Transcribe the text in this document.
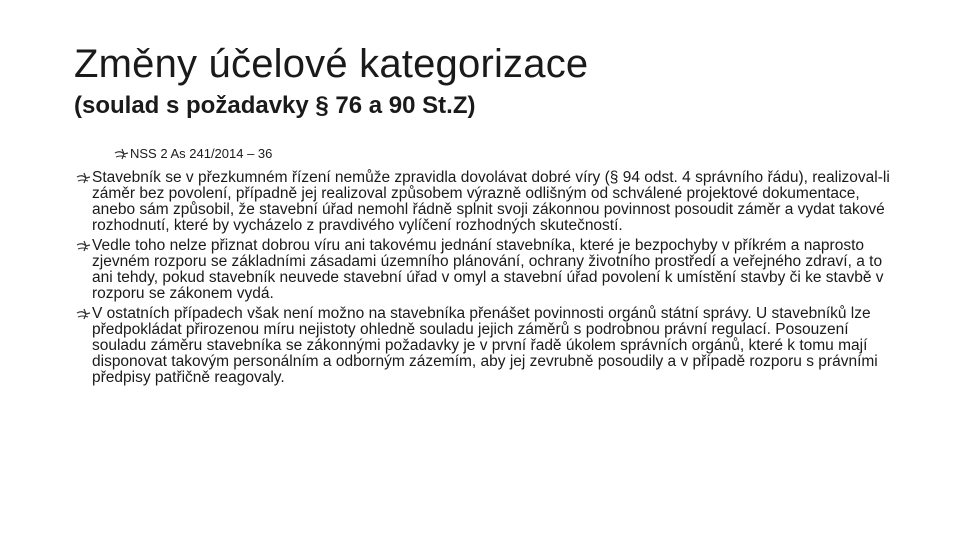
Změny účelové kategorizace
(soulad s požadavky § 76 a 90 St.Z)
NSS 2 As 241/2014 – 36
Stavebník se v přezkumném řízení nemůže zpravidla dovolávat dobré víry (§ 94 odst. 4 správního řádu), realizoval-li záměr bez povolení, případně jej realizoval způsobem výrazně odlišným od schválené projektové dokumentace, anebo sám způsobil, že stavební úřad nemohl řádně splnit svoji zákonnou povinnost posoudit záměr a vydat takové rozhodnutí, které by vycházelo z pravdivého vylíčení rozhodných skutečností.
Vedle toho nelze přiznat dobrou víru ani takovému jednání stavebníka, které je bezpochyby v příkrém a naprosto zjevném rozporu se základními zásadami územního plánování, ochrany životního prostředí a veřejného zdraví, a to ani tehdy, pokud stavebník neuvede stavební úřad v omyl a stavební úřad povolení k umístění stavby či ke stavbě v rozporu se zákonem vydá.
V ostatních případech však není možno na stavebníka přenášet povinnosti orgánů státní správy. U stavebníků lze předpokládat přirozenou míru nejistoty ohledně souladu jejich záměrů s podrobnou právní regulací. Posouzení souladu záměru stavebníka se zákonnými požadavky je v první řadě úkolem správních orgánů, které k tomu mají disponovat takovým personálním a odborným zázemím, aby jej zevrubně posoudily a v případě rozporu s právními předpisy patřičně reagovaly.
